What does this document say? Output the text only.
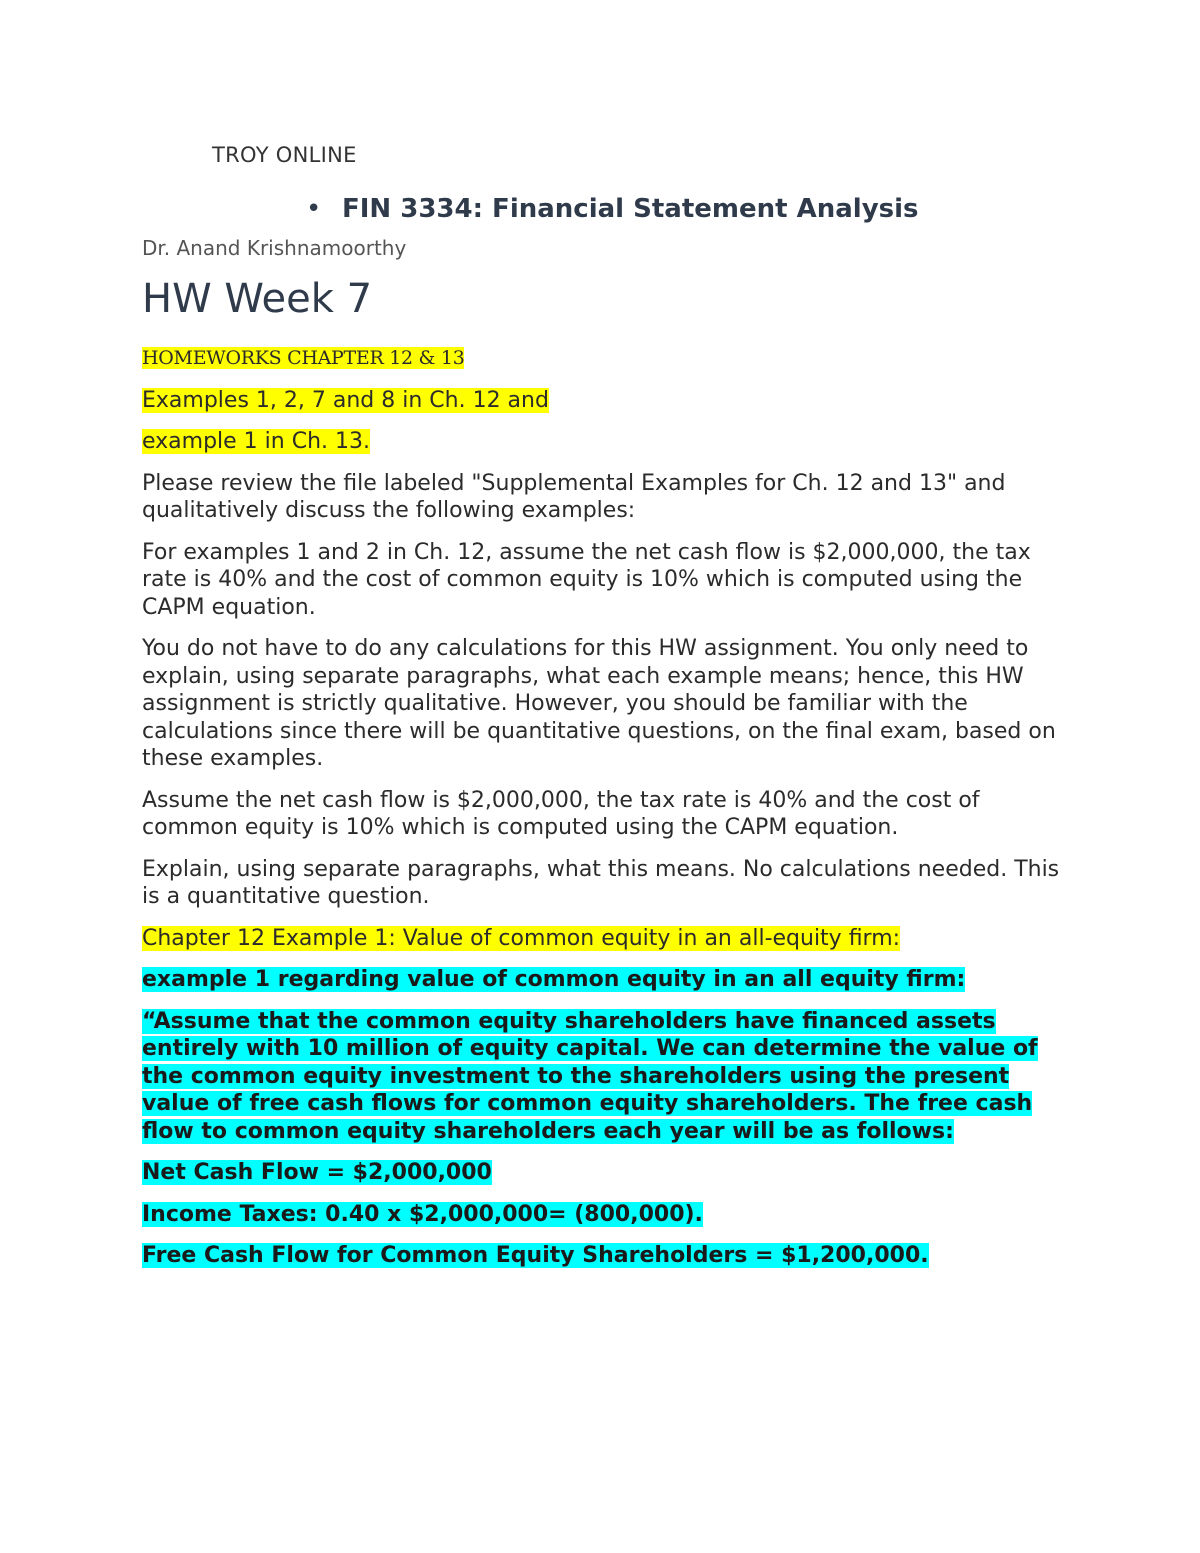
TROY ONLINE
• FIN 3334: Financial Statement Analysis
Dr. Anand Krishnamoorthy
HW Week 7

HOMEWORKS CHAPTER 12 & 13

Examples 1, 2, 7 and 8 in Ch. 12 and

example 1 in Ch. 13.

Please review the file labeled "Supplemental Examples for Ch. 12 and 13" and qualitatively discuss the following examples:

For examples 1 and 2 in Ch. 12, assume the net cash flow is $2,000,000, the tax rate is 40% and the cost of common equity is 10% which is computed using the CAPM equation.

You do not have to do any calculations for this HW assignment. You only need to explain, using separate paragraphs, what each example means; hence, this HW assignment is strictly qualitative. However, you should be familiar with the calculations since there will be quantitative questions, on the final exam, based on these examples.

Assume the net cash flow is $2,000,000, the tax rate is 40% and the cost of common equity is 10% which is computed using the CAPM equation.

Explain, using separate paragraphs, what this means. No calculations needed. This is a quantitative question.

Chapter 12 Example 1: Value of common equity in an all-equity firm:

example 1 regarding value of common equity in an all equity firm:

“Assume that the common equity shareholders have financed assets entirely with 10 million of equity capital. We can determine the value of the common equity investment to the shareholders using the present value of free cash flows for common equity shareholders. The free cash flow to common equity shareholders each year will be as follows:

Net Cash Flow = $2,000,000

Income Taxes: 0.40 x $2,000,000= (800,000).

Free Cash Flow for Common Equity Shareholders = $1,200,000.
